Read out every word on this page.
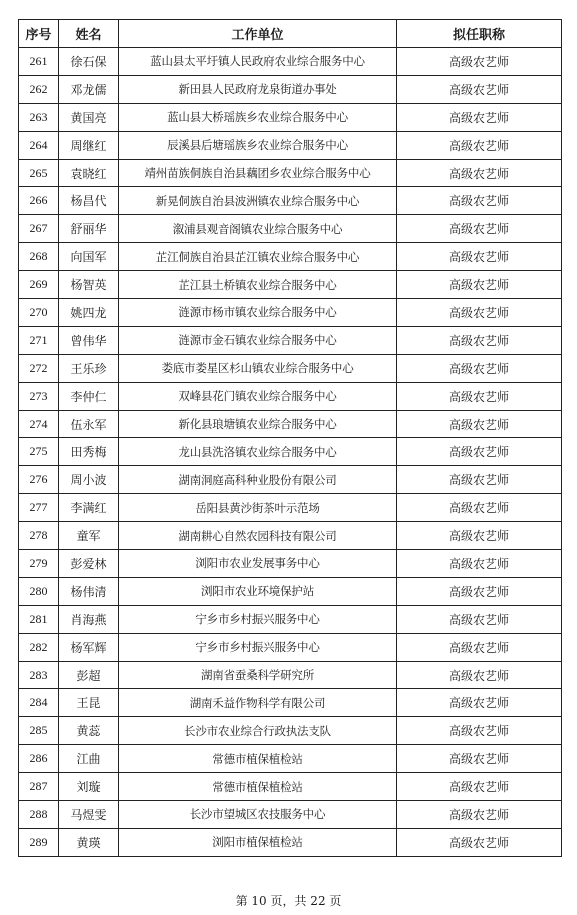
序号	姓名	工作单位	拟任职称
261	徐石保	蓝山县太平圩镇人民政府农业综合服务中心	高级农艺师
262	邓龙儒	新田县人民政府龙泉街道办事处	高级农艺师
263	黄国亮	蓝山县大桥瑶族乡农业综合服务中心	高级农艺师
264	周继红	辰溪县后塘瑶族乡农业综合服务中心	高级农艺师
265	袁晓红	靖州苗族侗族自治县藕团乡农业综合服务中心	高级农艺师
266	杨昌代	新晃侗族自治县波洲镇农业综合服务中心	高级农艺师
267	舒丽华	溆浦县观音阁镇农业综合服务中心	高级农艺师
268	向国军	芷江侗族自治县芷江镇农业综合服务中心	高级农艺师
269	杨智英	芷江县土桥镇农业综合服务中心	高级农艺师
270	姚四龙	涟源市杨市镇农业综合服务中心	高级农艺师
271	曾伟华	涟源市金石镇农业综合服务中心	高级农艺师
272	王乐珍	娄底市娄星区杉山镇农业综合服务中心	高级农艺师
273	李仲仁	双峰县花门镇农业综合服务中心	高级农艺师
274	伍永军	新化县琅塘镇农业综合服务中心	高级农艺师
275	田秀梅	龙山县洗洛镇农业综合服务中心	高级农艺师
276	周小波	湖南洞庭高科种业股份有限公司	高级农艺师
277	李满红	岳阳县黄沙街茶叶示范场	高级农艺师
278	童军	湖南耕心自然农园科技有限公司	高级农艺师
279	彭爱林	浏阳市农业发展事务中心	高级农艺师
280	杨伟清	浏阳市农业环境保护站	高级农艺师
281	肖海燕	宁乡市乡村振兴服务中心	高级农艺师
282	杨军辉	宁乡市乡村振兴服务中心	高级农艺师
283	彭超	湖南省蚕桑科学研究所	高级农艺师
284	王昆	湖南禾益作物科学有限公司	高级农艺师
285	黄蕊	长沙市农业综合行政执法支队	高级农艺师
286	江曲	常德市植保植检站	高级农艺师
287	刘璇	常德市植保植检站	高级农艺师
288	马煜雯	长沙市望城区农技服务中心	高级农艺师
289	黄瑛	浏阳市植保植检站	高级农艺师
第 10 页，共 22 页
